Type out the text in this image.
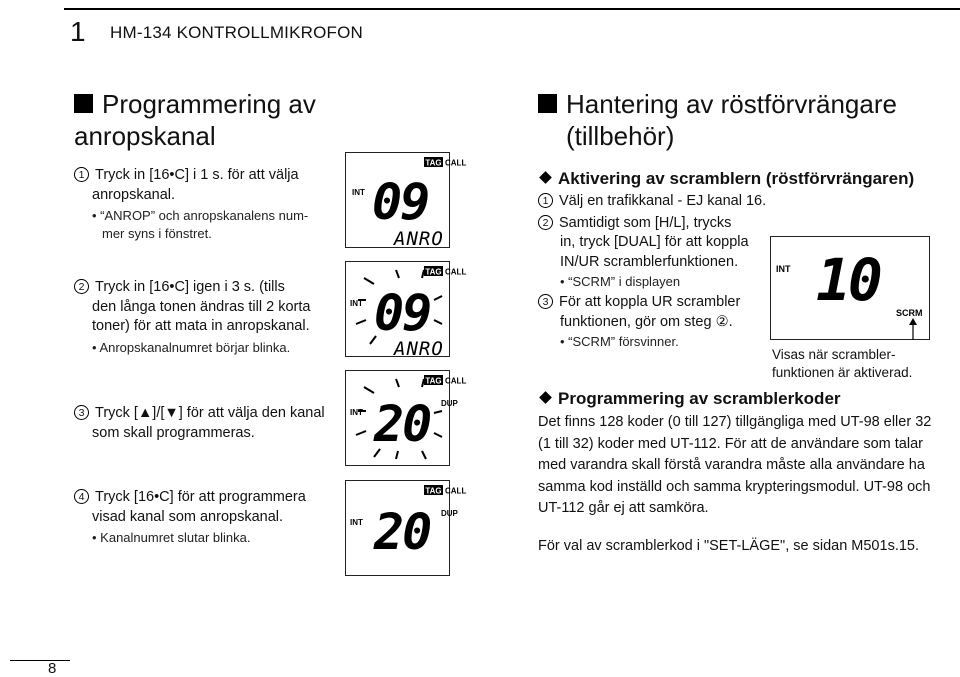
1 HM-134 KONTROLLMIKROFON
Programmering av
anropskanal
1 Tryck in [16•C] i 1 s. för att välja
anropskanal.
• “ANROP” och anropskanalens num-
mer syns i fönstret.
2 Tryck in [16•C] igen i 3 s. (tills
den långa tonen ändras till 2 korta
toner) för att mata in anropskanal.
• Anropskanalnumret börjar blinka.
3 Tryck [▲]/[▼] för att välja den kanal
som skall programmeras.
4 Tryck [16•C] för att programmera
visad kanal som anropskanal.
• Kanalnumret slutar blinka.
TAG CALL
INT 09
ANRO
TAG CALL
INT 09
ANRO
TAG CALL
DUP
INT 20
TAG CALL
DUP
INT 20
Hantering av röstförvrängare
(tillbehör)
Aktivering av scramblern (röstförvrängaren)
1 Välj en trafikkanal - EJ kanal 16.
2 Samtidigt som [H/L], trycks
in, tryck [DUAL] för att koppla
IN/UR scramblerfunktionen.
• “SCRM” i displayen
3 För att koppla UR scrambler
funktionen, gör om steg ②.
• “SCRM” försvinner.
INT 10 SCRM
Visas när scrambler-
funktionen är aktiverad.
Programmering av scramblerkoder
Det finns 128 koder (0 till 127) tillgängliga med UT-98 eller 32
(1 till 32) koder med UT-112. För att de användare som talar
med varandra skall förstå varandra måste alla användare ha
samma kod inställd och samma krypteringsmodul. UT-98 och
UT-112 går ej att samköra.
För val av scramblerkod i "SET-LÄGE", se sidan M501s.15.
8
